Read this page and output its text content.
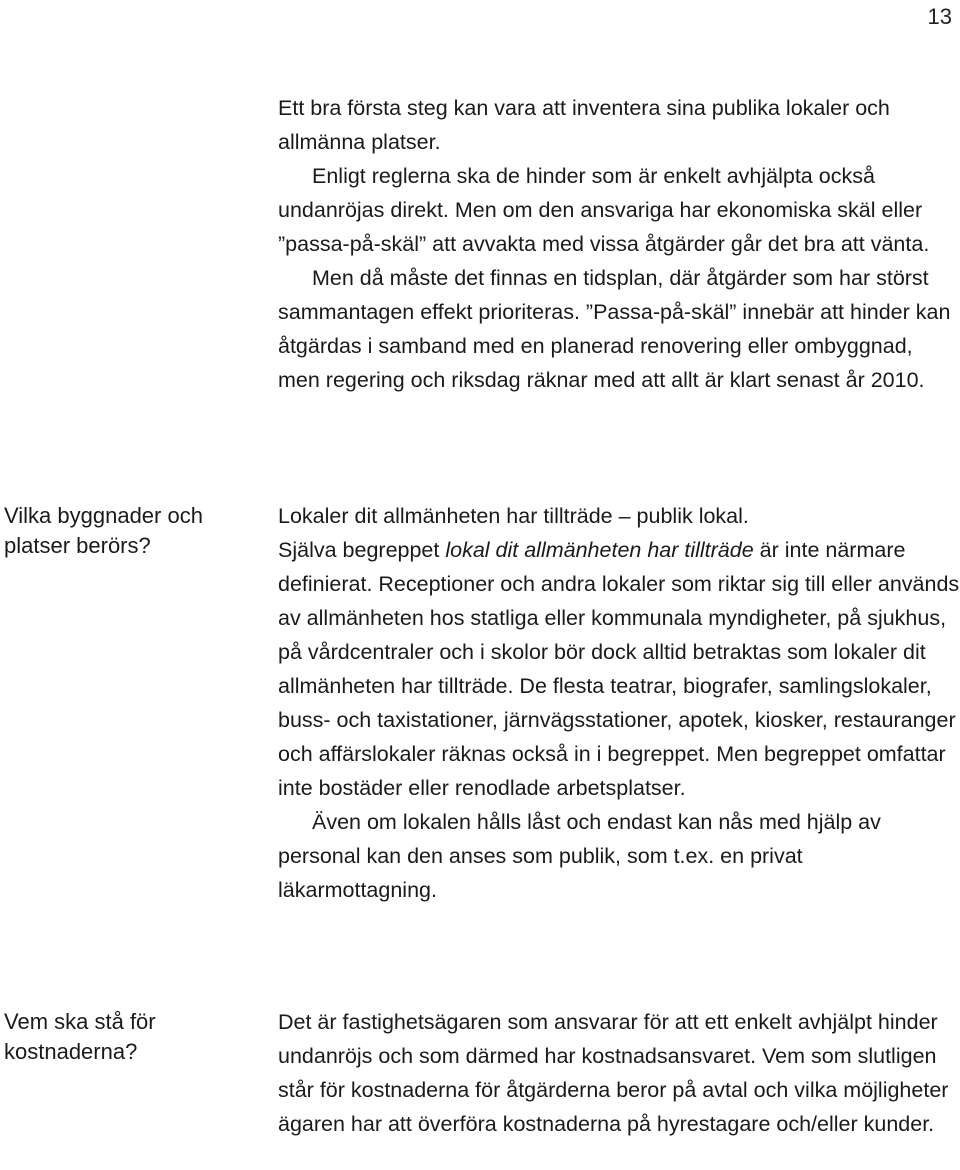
13

Ett bra första steg kan vara att inventera sina publika lokaler och allmänna platser.

Enligt reglerna ska de hinder som är enkelt avhjälpta också undanröjas direkt. Men om den ansvariga har ekonomiska skäl eller ”passa-på-skäl” att avvakta med vissa åtgärder går det bra att vänta.

Men då måste det finnas en tidsplan, där åtgärder som har störst sammantagen effekt prioriteras. ”Passa-på-skäl” innebär att hinder kan åtgärdas i samband med en planerad renovering eller ombyggnad, men regering och riksdag räknar med att allt är klart senast år 2010.

Vilka byggnader och platser berörs?

Lokaler dit allmänheten har tillträde – publik lokal.

Själva begreppet lokal dit allmänheten har tillträde är inte närmare definierat. Receptioner och andra lokaler som riktar sig till eller används av allmänheten hos statliga eller kommunala myndigheter, på sjukhus, på vårdcentraler och i skolor bör dock alltid betraktas som lokaler dit allmänheten har tillträde. De flesta teatrar, biografer, samlingslokaler, buss- och taxistationer, järnvägsstationer, apotek, kiosker, restauranger och affärslokaler räknas också in i begreppet. Men begreppet omfattar inte bostäder eller renodlade arbetsplatser.

Även om lokalen hålls låst och endast kan nås med hjälp av personal kan den anses som publik, som t.ex. en privat läkarmottagning.

Vem ska stå för kostnaderna?

Det är fastighetsägaren som ansvarar för att ett enkelt avhjälpt hinder undanröjs och som därmed har kostnadsansvaret. Vem som slutligen står för kostnaderna för åtgärderna beror på avtal och vilka möjligheter ägaren har att överföra kostnaderna på hyrestagare och/eller kunder.
